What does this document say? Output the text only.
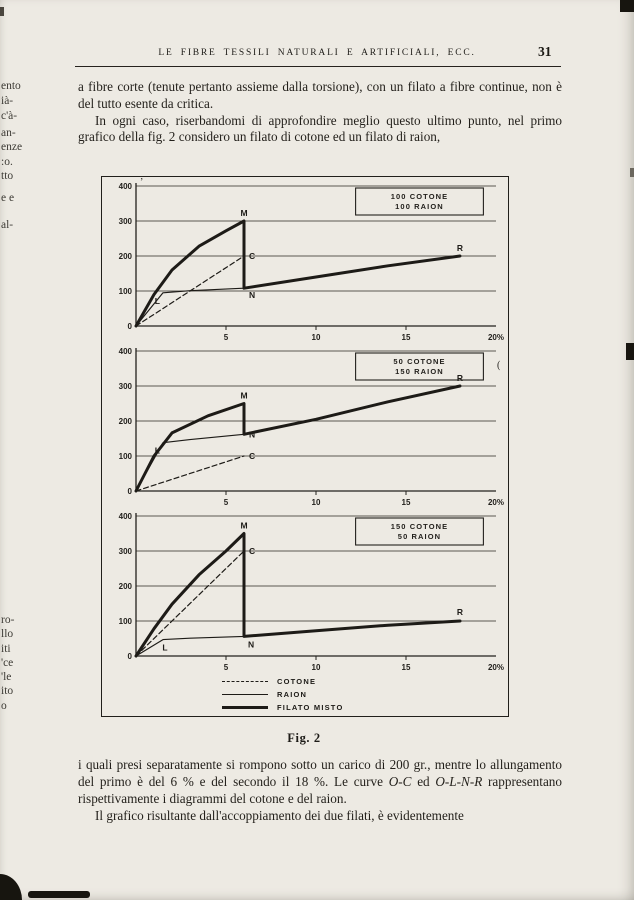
ento
ià-
c'à-
an-
enze
:o.
tto
e e
al-
ro-
llo
iti
'ce
'le
ito
o
LE FIBRE TESSILI NATURALI E ARTIFICIALI, ECC.	31

a fibre corte (tenute pertanto assieme dalla torsione), con un filato a fibre continue, non è del tutto esente da critica.

In ogni caso, riserbandomi di approfondire meglio questo ultimo punto, nel primo grafico della fig. 2 considero un filato di cotone ed un filato di raion,

0
100
200
300
400
5	10	15	20%
100 COTONE
100 RAION
L
M
C
N
R
0
100
200
300
400
5	10	15	20%
50 COTONE
150 RAION
L
M
N
C
R
0
100
200
300
400
5	10	15	20%
150 COTONE
50 RAION
L
M
C
N
R
COTONE
RAION
FILATO MISTO
Fig. 2

i quali presi separatamente si rompono sotto un carico di 200 gr., mentre lo allungamento del primo è del 6 % e del secondo il 18 %. Le curve O-C ed O-L-N-R rappresentano rispettivamente i diagrammi del cotone e del raion.

Il grafico risultante dall'accoppiamento dei due filati, è evidentemente

’
(
